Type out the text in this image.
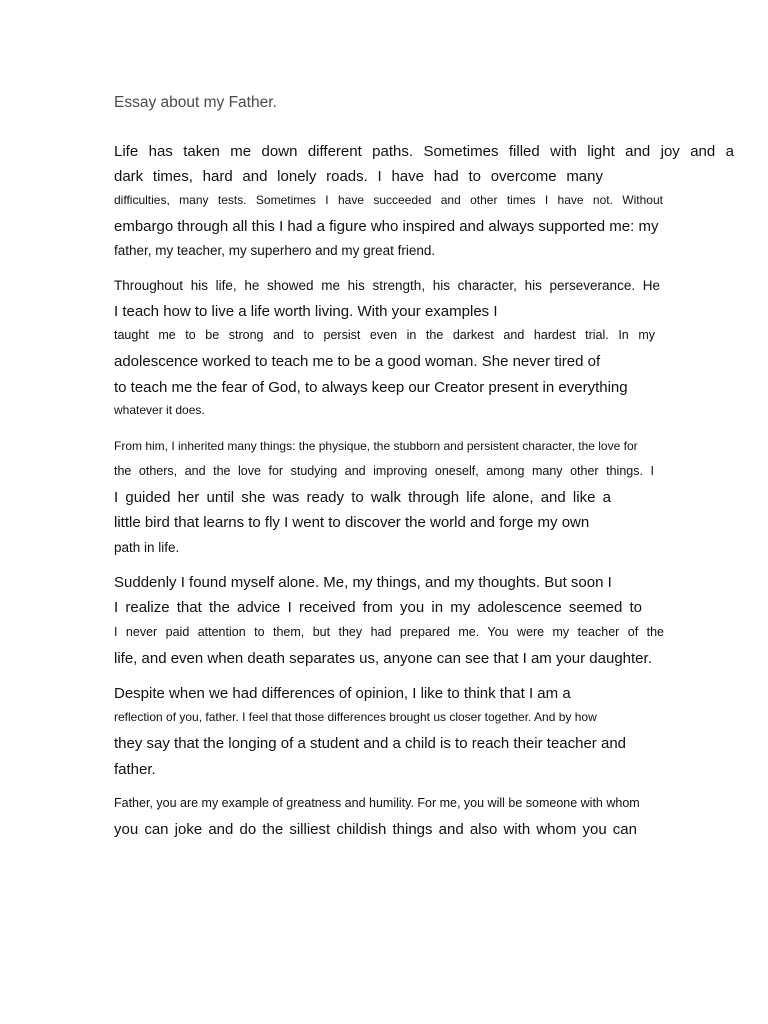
Essay about my Father.
Life has taken me down different paths. Sometimes filled with light and joy and a
dark times, hard and lonely roads. I have had to overcome many
difficulties, many tests. Sometimes I have succeeded and other times I have not. Without
embargo through all this I had a figure who inspired and always supported me: my
father, my teacher, my superhero and my great friend.
Throughout his life, he showed me his strength, his character, his perseverance. He
I teach how to live a life worth living. With your examples I
taught me to be strong and to persist even in the darkest and hardest trial. In my
adolescence worked to teach me to be a good woman. She never tired of
to teach me the fear of God, to always keep our Creator present in everything
whatever it does.
From him, I inherited many things: the physique, the stubborn and persistent character, the love for
the others, and the love for studying and improving oneself, among many other things. I
I guided her until she was ready to walk through life alone, and like a
little bird that learns to fly I went to discover the world and forge my own
path in life.
Suddenly I found myself alone. Me, my things, and my thoughts. But soon I
I realize that the advice I received from you in my adolescence seemed to
I never paid attention to them, but they had prepared me. You were my teacher of the
life, and even when death separates us, anyone can see that I am your daughter.
Despite when we had differences of opinion, I like to think that I am a
reflection of you, father. I feel that those differences brought us closer together. And by how
they say that the longing of a student and a child is to reach their teacher and
father.
Father, you are my example of greatness and humility. For me, you will be someone with whom
you can joke and do the silliest childish things and also with whom you can
